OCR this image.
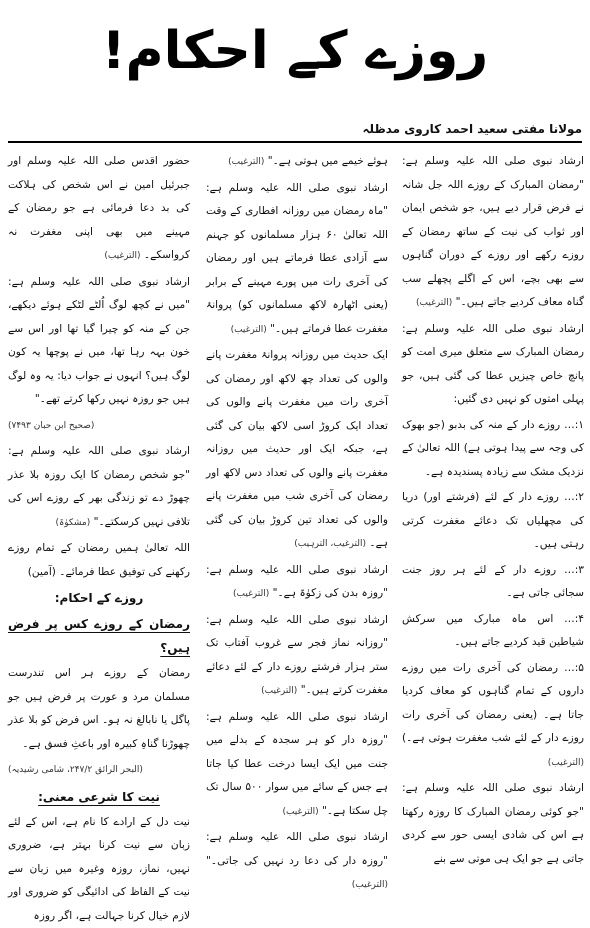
روزے کے احکام!
مولانا مفتی سعید احمد کاروی مدظلہ

ارشاد نبوی صلی اللہ علیہ وسلم ہے: "رمضان المبارک کے روزے اللہ جل شانہ نے فرض قرار دیے ہیں، جو شخص ایمان اور ثواب کی نیت کے ساتھ رمضان کے روزے رکھے اور روزے کے دوران گناہوں سے بھی بچے، اس کے اگلے پچھلے سب گناہ معاف کردیے جاتے ہیں۔" (الترغیب)

ارشاد نبوی صلی اللہ علیہ وسلم ہے: رمضان المبارک سے متعلق میری امت کو پانچ خاص چیزیں عطا کی گئی ہیں، جو پہلی امتوں کو نہیں دی گئیں:

۱:… روزے دار کے منہ کی بدبو (جو بھوک کی وجہ سے پیدا ہوتی ہے) اللہ تعالیٰ کے نزدیک مشک سے زیادہ پسندیدہ ہے۔

۲:… روزے دار کے لئے (فرشتے اور) دریا کی مچھلیاں تک دعائے مغفرت کرتی رہتی ہیں۔

۳:… روزے دار کے لئے ہر روز جنت سجائی جاتی ہے۔

۴:… اس ماہ مبارک میں سرکش شیاطین قید کردیے جاتے ہیں۔

۵:… رمضان کی آخری رات میں روزے داروں کے تمام گناہوں کو معاف کردیا جاتا ہے۔ (یعنی رمضان کی آخری رات روزے دار کے لئے شب مغفرت ہوتی ہے۔) (الترغیب)

ارشاد نبوی صلی اللہ علیہ وسلم ہے: "جو کوئی رمضان المبارک کا روزہ رکھتا ہے اس کی شادی ایسی حور سے کردی جاتی ہے جو ایک ہی موتی سے بنے

ہوئے خیمے میں ہوتی ہے۔" (الترغیب)

ارشاد نبوی صلی اللہ علیہ وسلم ہے: "ماہ رمضان میں روزانہ افطاری کے وقت اللہ تعالیٰ ۶۰ ہزار مسلمانوں کو جہنم سے آزادی عطا فرماتے ہیں اور رمضان کی آخری رات میں پورے مہینے کے برابر (یعنی اٹھارہ لاکھ مسلمانوں کو) پروانۂ مغفرت عطا فرماتے ہیں۔" (الترغیب)

ایک حدیث میں روزانہ پروانۂ مغفرت پانے والوں کی تعداد چھ لاکھ اور رمضان کی آخری رات میں مغفرت پانے والوں کی تعداد ایک کروڑ اسی لاکھ بیان کی گئی ہے، جبکہ ایک اور حدیث میں روزانہ مغفرت پانے والوں کی تعداد دس لاکھ اور رمضان کی آخری شب میں مغفرت پانے والوں کی تعداد تین کروڑ بیان کی گئی ہے۔ (الترغیب، الترہیب)

ارشاد نبوی صلی اللہ علیہ وسلم ہے: "روزہ بدن کی زکوٰۃ ہے۔" (الترغیب)

ارشاد نبوی صلی اللہ علیہ وسلم ہے: "روزانہ نماز فجر سے غروب آفتاب تک ستر ہزار فرشتے روزے دار کے لئے دعائے مغفرت کرتے ہیں۔" (الترغیب)

ارشاد نبوی صلی اللہ علیہ وسلم ہے: "روزہ دار کو ہر سجدہ کے بدلے میں جنت میں ایک ایسا درخت عطا کیا جاتا ہے جس کے سائے میں سوار ۵۰۰ سال تک چل سکتا ہے۔" (الترغیب)

ارشاد نبوی صلی اللہ علیہ وسلم ہے: "روزہ دار کی دعا رد نہیں کی جاتی۔" (الترغیب)

حضور اقدس صلی اللہ علیہ وسلم اور جبرئیل امین نے اس شخص کی ہلاکت کی بد دعا فرمائی ہے جو رمضان کے مہینے میں بھی اپنی مغفرت نہ کرواسکے۔ (الترغیب)

ارشاد نبوی صلی اللہ علیہ وسلم ہے: "میں نے کچھ لوگ اُلٹے لٹکے ہوئے دیکھے، جن کے منہ کو چیرا گیا تھا اور اس سے خون بہہ رہا تھا، میں نے پوچھا یہ کون لوگ ہیں؟ انہوں نے جواب دیا: یہ وہ لوگ ہیں جو روزہ نہیں رکھا کرتے تھے۔"

(صحیح ابن حبان ۷۴۹۳)

ارشاد نبوی صلی اللہ علیہ وسلم ہے: "جو شخص رمضان کا ایک روزہ بلا عذر چھوڑ دے تو زندگی بھر کے روزے اس کی تلافی نہیں کرسکتے۔" (مشکوٰۃ)

اللہ تعالیٰ ہمیں رمضان کے تمام روزے رکھنے کی توفیق عطا فرمائے۔ (آمین)

روزے کے احکام:
رمضان کے روزے کس پر فرض ہیں؟

رمضان کے روزے ہر اس تندرست مسلمان مرد و عورت پر فرض ہیں جو پاگل یا نابالغ نہ ہو۔ اس فرض کو بلا عذر چھوڑنا گناہِ کبیرہ اور باعثِ فسق ہے۔

(البحر الرائق ۲۴۷/۲، شامی رشیدیہ)

نیت کا شرعی معنی:

نیت دل کے ارادے کا نام ہے، اس کے لئے زبان سے نیت کرنا بہتر ہے، ضروری نہیں، نماز، روزہ وغیرہ میں زبان سے نیت کے الفاظ کی ادائیگی کو ضروری اور لازم خیال کرنا جہالت ہے، اگر روزہ
